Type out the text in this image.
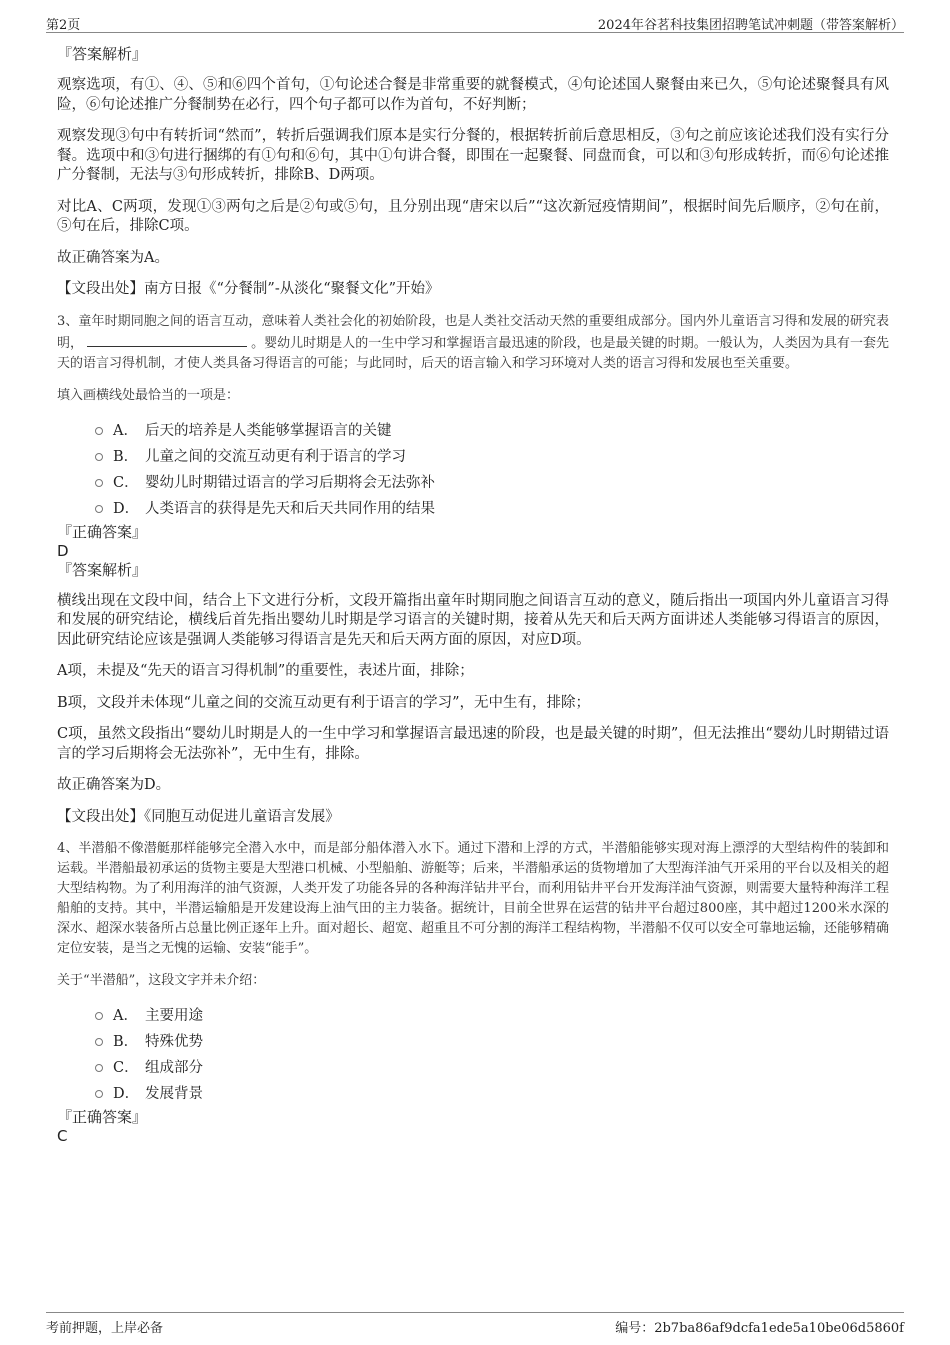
第2页	2024年谷茗科技集团招聘笔试冲刺题（带答案解析）
『答案解析』

观察选项，有①、④、⑤和⑥四个首句，①句论述合餐是非常重要的就餐模式，④句论述国人聚餐由来已久，⑤句论述聚餐具有风险，⑥句论述推广分餐制势在必行，四个句子都可以作为首句，不好判断；

观察发现③句中有转折词“然而”，转折后强调我们原本是实行分餐的，根据转折前后意思相反，③句之前应该论述我们没有实行分餐。选项中和③句进行捆绑的有①句和⑥句，其中①句讲合餐，即围在一起聚餐、同盘而食，可以和③句形成转折，而⑥句论述推广分餐制，无法与③句形成转折，排除B、D两项。

对比A、C两项，发现①③两句之后是②句或⑤句，且分别出现“唐宋以后”“这次新冠疫情期间”，根据时间先后顺序，②句在前，⑤句在后，排除C项。

故正确答案为A。

【文段出处】南方日报《“分餐制”-从淡化“聚餐文化”开始》

3、童年时期同胞之间的语言互动，意味着人类社会化的初始阶段，也是人类社交活动天然的重要组成部分。国内外儿童语言习得和发展的研究表明，	。婴幼儿时期是人的一生中学习和掌握语言最迅速的阶段，也是最关键的时期。一般认为，人类因为具有一套先天的语言习得机制，才使人类具备习得语言的可能；与此同时，后天的语言输入和学习环境对人类的语言习得和发展也至关重要。

填入画横线处最恰当的一项是：

A． 后天的培养是人类能够掌握语言的关键
B． 儿童之间的交流互动更有利于语言的学习
C． 婴幼儿时期错过语言的学习后期将会无法弥补
D． 人类语言的获得是先天和后天共同作用的结果
『正确答案』
D
『答案解析』

横线出现在文段中间，结合上下文进行分析，文段开篇指出童年时期同胞之间语言互动的意义，随后指出一项国内外儿童语言习得和发展的研究结论，横线后首先指出婴幼儿时期是学习语言的关键时期，接着从先天和后天两方面讲述人类能够习得语言的原因，因此研究结论应该是强调人类能够习得语言是先天和后天两方面的原因，对应D项。

A项，未提及“先天的语言习得机制”的重要性，表述片面，排除；

B项，文段并未体现“儿童之间的交流互动更有利于语言的学习”，无中生有，排除；

C项，虽然文段指出“婴幼儿时期是人的一生中学习和掌握语言最迅速的阶段，也是最关键的时期”，但无法推出“婴幼儿时期错过语言的学习后期将会无法弥补”，无中生有，排除。

故正确答案为D。

【文段出处】《同胞互动促进儿童语言发展》

4、半潜船不像潜艇那样能够完全潜入水中，而是部分船体潜入水下。通过下潜和上浮的方式，半潜船能够实现对海上漂浮的大型结构件的装卸和运载。半潜船最初承运的货物主要是大型港口机械、小型船舶、游艇等；后来，半潜船承运的货物增加了大型海洋油气开采用的平台以及相关的超大型结构物。为了利用海洋的油气资源，人类开发了功能各异的各种海洋钻井平台，而利用钻井平台开发海洋油气资源，则需要大量特种海洋工程船舶的支持。其中，半潜运输船是开发建设海上油气田的主力装备。据统计，目前全世界在运营的钻井平台超过800座，其中超过1200米水深的深水、超深水装备所占总量比例正逐年上升。面对超长、超宽、超重且不可分割的海洋工程结构物，半潜船不仅可以安全可靠地运输，还能够精确定位安装，是当之无愧的运输、安装“能手”。

关于“半潜船”，这段文字并未介绍：

A． 主要用途
B． 特殊优势
C． 组成部分
D． 发展背景
『正确答案』
C
考前押题，上岸必备	编号：2b7ba86af9dcfa1ede5a10be06d5860f
